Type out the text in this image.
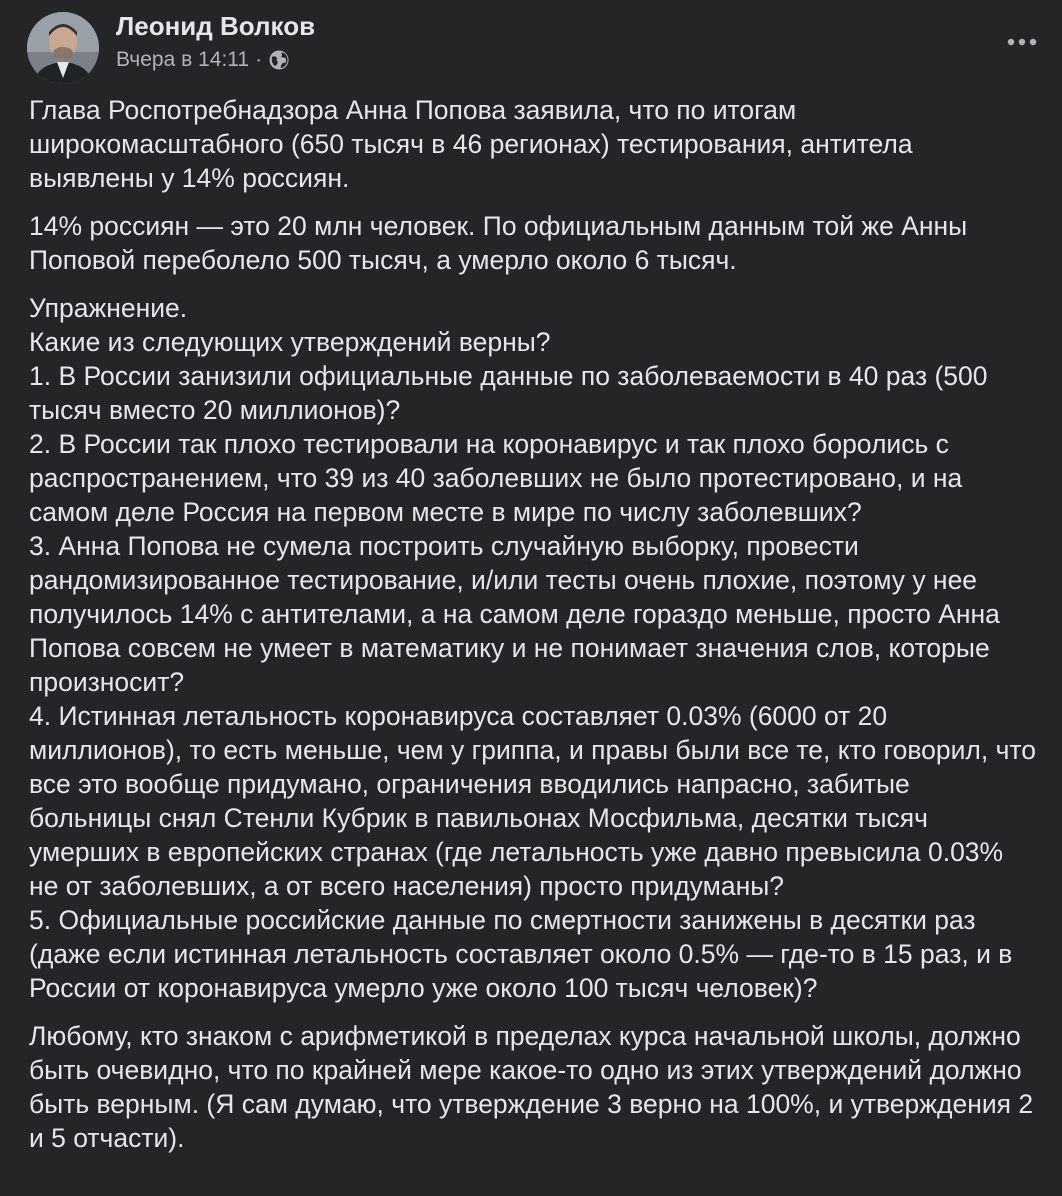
Леонид Волков
Вчера в 14:11 ·

Глава Роспотребнадзора Анна Попова заявила, что по итогам широкомасштабного (650 тысяч в 46 регионах) тестирования, антитела выявлены у 14% россиян.

14% россиян — это 20 млн человек. По официальным данным той же Анны Поповой переболело 500 тысяч, а умерло около 6 тысяч.

Упражнение.
Какие из следующих утверждений верны?
1. В России занизили официальные данные по заболеваемости в 40 раз (500 тысяч вместо 20 миллионов)?
2. В России так плохо тестировали на коронавирус и так плохо боролись с распространением, что 39 из 40 заболевших не было протестировано, и на самом деле Россия на первом месте в мире по числу заболевших?
3. Анна Попова не сумела построить случайную выборку, провести рандомизированное тестирование, и/или тесты очень плохие, поэтому у нее получилось 14% с антителами, а на самом деле гораздо меньше, просто Анна Попова совсем не умеет в математику и не понимает значения слов, которые произносит?
4. Истинная летальность коронавируса составляет 0.03% (6000 от 20 миллионов), то есть меньше, чем у гриппа, и правы были все те, кто говорил, что все это вообще придумано, ограничения вводились напрасно, забитые больницы снял Стенли Кубрик в павильонах Мосфильма, десятки тысяч умерших в европейских странах (где летальность уже давно превысила 0.03% не от заболевших, а от всего населения) просто придуманы?
5. Официальные российские данные по смертности занижены в десятки раз (даже если истинная летальность составляет около 0.5% — где-то в 15 раз, и в России от коронавируса умерло уже около 100 тысяч человек)?

Любому, кто знаком с арифметикой в пределах курса начальной школы, должно быть очевидно, что по крайней мере какое-то одно из этих утверждений должно быть верным. (Я сам думаю, что утверждение 3 верно на 100%, и утверждения 2 и 5 отчасти).
